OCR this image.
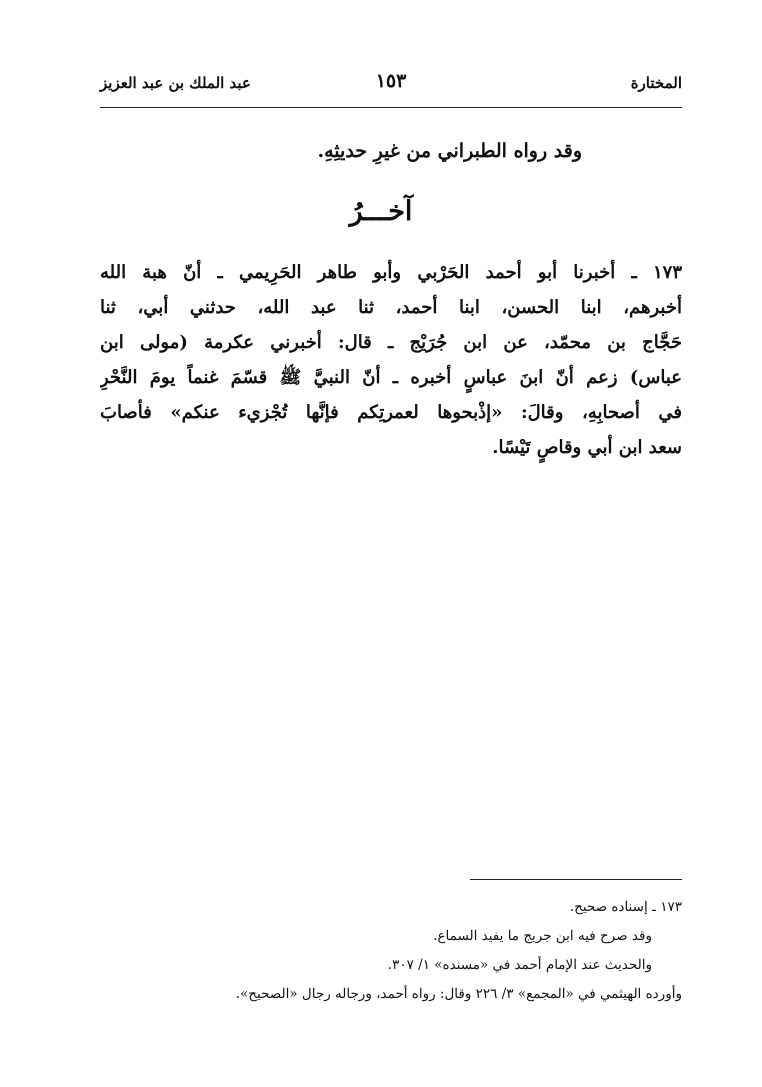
المختارة
١٥٣
عبد الملك بن عبد العزيز
وقد رواه الطبراني من غيرِ حديثِهِ.
آخـــرُ
١٧٣ ـ أخبرنا أبو أحمد الحَرْبي وأبو طاهر الحَرِيمي ـ أنّ هبة الله
أخبرهم، ابنا الحسن، ابنا أحمد، ثنا عبد الله، حدثني أبي، ثنا
حَجَّاج بن محمّد، عن ابن جُرَيْج ـ قال: أخبرني عكرمة (مولى ابن
عباس) زعم أنّ ابنَ عباسٍ أخبره ـ أنّ النبيَّ ﷺ قسّمَ غنماً يومَ النَّحْرِ
في أصحابِهِ، وقالَ: «إذْبحوها لعمرتِكم فإنَّها تُجْزيء عنكم» فأصابَ
سعد ابن أبي وقاصٍ تَيْسًا.
١٧٣ ـ إسناده صحيح.
وقد صرح فيه ابن جريج ما يفيد السماع.
والحديث عند الإمام أحمد في «مسنده» ١/ ٣٠٧.
وأورده الهيثمي في «المجمع» ٣/ ٢٢٦ وقال: رواه أحمد، ورجاله رجال «الصحيح».
